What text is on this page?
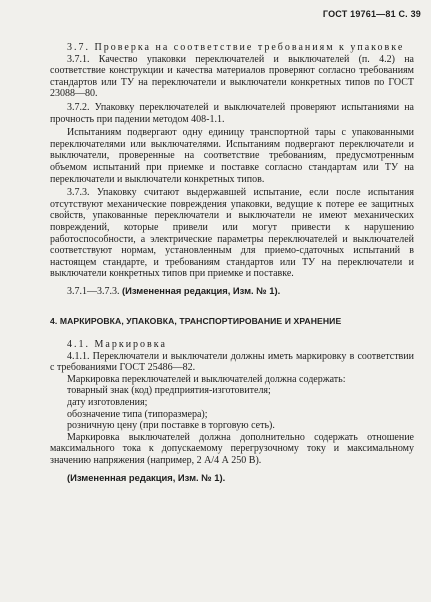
ГОСТ 19761—81 С. 39

3.7. Проверка на соответствие требованиям к упаковке

3.7.1. Качество упаковки переключателей и выключателей (п. 4.2) на соответствие конструкции и качества материалов проверяют согласно требованиям стандартов или ТУ на переключатели и выключатели конкретных типов по ГОСТ 23088—80.

3.7.2. Упаковку переключателей и выключателей проверяют испытаниями на прочность при падении методом 408-1.1.

Испытаниям подвергают одну единицу транспортной тары с упакованными переключателями или выключателями. Испытаниям подвергают переключатели и выключатели, проверенные на соответствие требованиям, предусмотренным объемом испытаний при приемке и поставке согласно стандартам или ТУ на переключатели и выключатели конкретных типов.

3.7.3. Упаковку считают выдержавшей испытание, если после испытания отсутствуют механические повреждения упаковки, ведущие к потере ее защитных свойств, упакованные переключатели и выключатели не имеют механических повреждений, которые привели или могут привести к нарушению работоспособности, а электрические параметры переключателей и выключателей соответствуют нормам, установленным для приемо-сдаточных испытаний в настоящем стандарте, и требованиям стандартов или ТУ на переключатели и выключатели конкретных типов при приемке и поставке.

3.7.1—3.7.3. (Измененная редакция, Изм. № 1).

4. МАРКИРОВКА, УПАКОВКА, ТРАНСПОРТИРОВАНИЕ И ХРАНЕНИЕ

4.1. Маркировка

4.1.1. Переключатели и выключатели должны иметь маркировку в соответствии с требованиями ГОСТ 25486—82.

Маркировка переключателей и выключателей должна содержать:

товарный знак (код) предприятия-изготовителя;
дату изготовления;
обозначение типа (типоразмера);
розничную цену (при поставке в торговую сеть).

Маркировка выключателей должна дополнительно содержать отношение максимального тока к допускаемому перегрузочному току и максимальному значению напряжения (например, 2 А/4 А 250 В).

(Измененная редакция, Изм. № 1).
